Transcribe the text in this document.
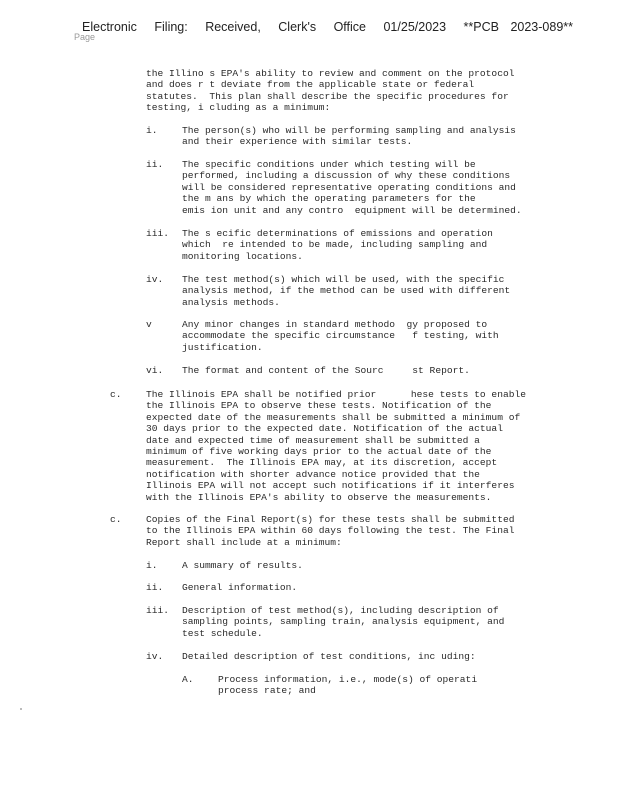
Electronic Filing: Received, Clerk's Office 01/25/2023 **PCB 2023-089**
Page
the Illino s EPA's ability to review and comment on the protocol
and does r t deviate from the applicable state or federal
statutes.  This plan shall describe the specific procedures for
testing, i cluding as a minimum:
i.	The person(s) who will be performing sampling and analysis
and their experience with similar tests.
ii. The specific conditions under which testing will be
performed, including a discussion of why these conditions
will be considered representative operating conditions and
the m ans by which the operating parameters for the
emis ion unit and any contro  equipment will be determined.
iii. The s ecific determinations of emissions and operation
which  re intended to be made, including sampling and
monitoring locations.
iv. The test method(s) which will be used, with the specific
analysis method, if the method can be used with different
analysis methods.
v	Any minor changes in standard methodo  gy proposed to
accommodate the specific circumstance   f testing, with
justification.
vi. The format and content of the Sourc     st Report.
c.	The Illinois EPA shall be notified prior      hese tests to enable
the Illinois EPA to observe these tests. Notification of the
expected date of the measurements shall be submitted a minimum of
30 days prior to the expected date. Notification of the actual
date and expected time of measurement shall be submitted a
minimum of five working days prior to the actual date of the
measurement.  The Illinois EPA may, at its discretion, accept
notification with shorter advance notice provided that the
Illinois EPA will not accept such notifications if it interferes
with the Illinois EPA's ability to observe the measurements.
c.	Copies of the Final Report(s) for these tests shall be submitted
to the Illinois EPA within 60 days following the test. The Final
Report shall include at a minimum:
i.	A summary of results.
ii. General information.
iii. Description of test method(s), including description of
sampling points, sampling train, analysis equipment, and
test schedule.
iv. Detailed description of test conditions, inc uding:
A.	Process information, i.e., mode(s) of operati
process rate; and
